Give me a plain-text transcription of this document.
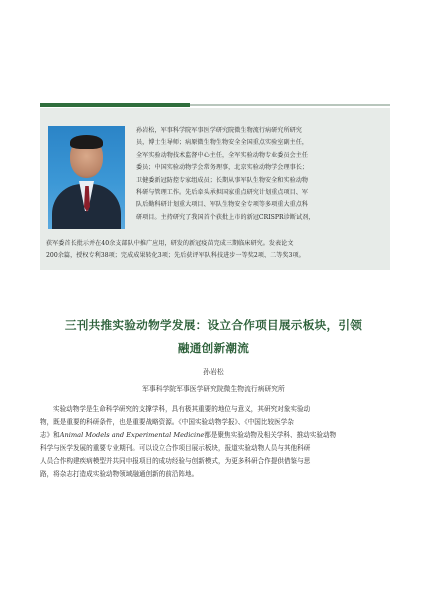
孙岩松，军事科学院军事医学研究院微生物流行病研究所研究
员，博士生导师；病原微生物生物安全全国重点实验室副主任，
全军实验动物技术监督中心主任，全军实验动物专业委员会主任
委员；中国实验动物学会常务理事，北京实验动物学会理事长；
卫健委新冠防控专家组成员；长期从事军队生物安全和实验动物
科研与管理工作。先后牵头承担国家重点研究计划重点项目、军
队后勤科研计划重大项目、军队生物安全专项等多项重大重点科
研项目。主持研究了我国首个获批上市的新冠CRISPR诊断试剂，
获军委首长批示并在40余支部队中推广应用，研发的新冠疫苗完成三期临床研究。发表论文
200余篇，授权专利38项；完成成果转化3项；先后获评军队科技进步一等奖2项、二等奖3项。
三刊共推实验动物学发展：设立合作项目展示板块，引领
融通创新潮流
孙岩松
军事科学院军事医学研究院微生物流行病研究所
实验动物学是生命科学研究的支撑学科，具有极其重要的地位与意义，其研究对象实验动
物，既是重要的科研条件，也是重要战略资源。《中国实验动物学报》、《中国比较医学杂
志》和Animal Models and Experimental Medicine都是聚焦实验动物及相关学科、推动实验动物
科学与医学发展的重要专业期刊。可以设立合作项目展示板块，报道实验动物人员与其他科研
人员合作构建疾病模型并共同申报项目的成功经验与创新模式，为更多科研合作提供借鉴与思
路，将杂志打造成实验动物领域融通创新的前沿阵地。
